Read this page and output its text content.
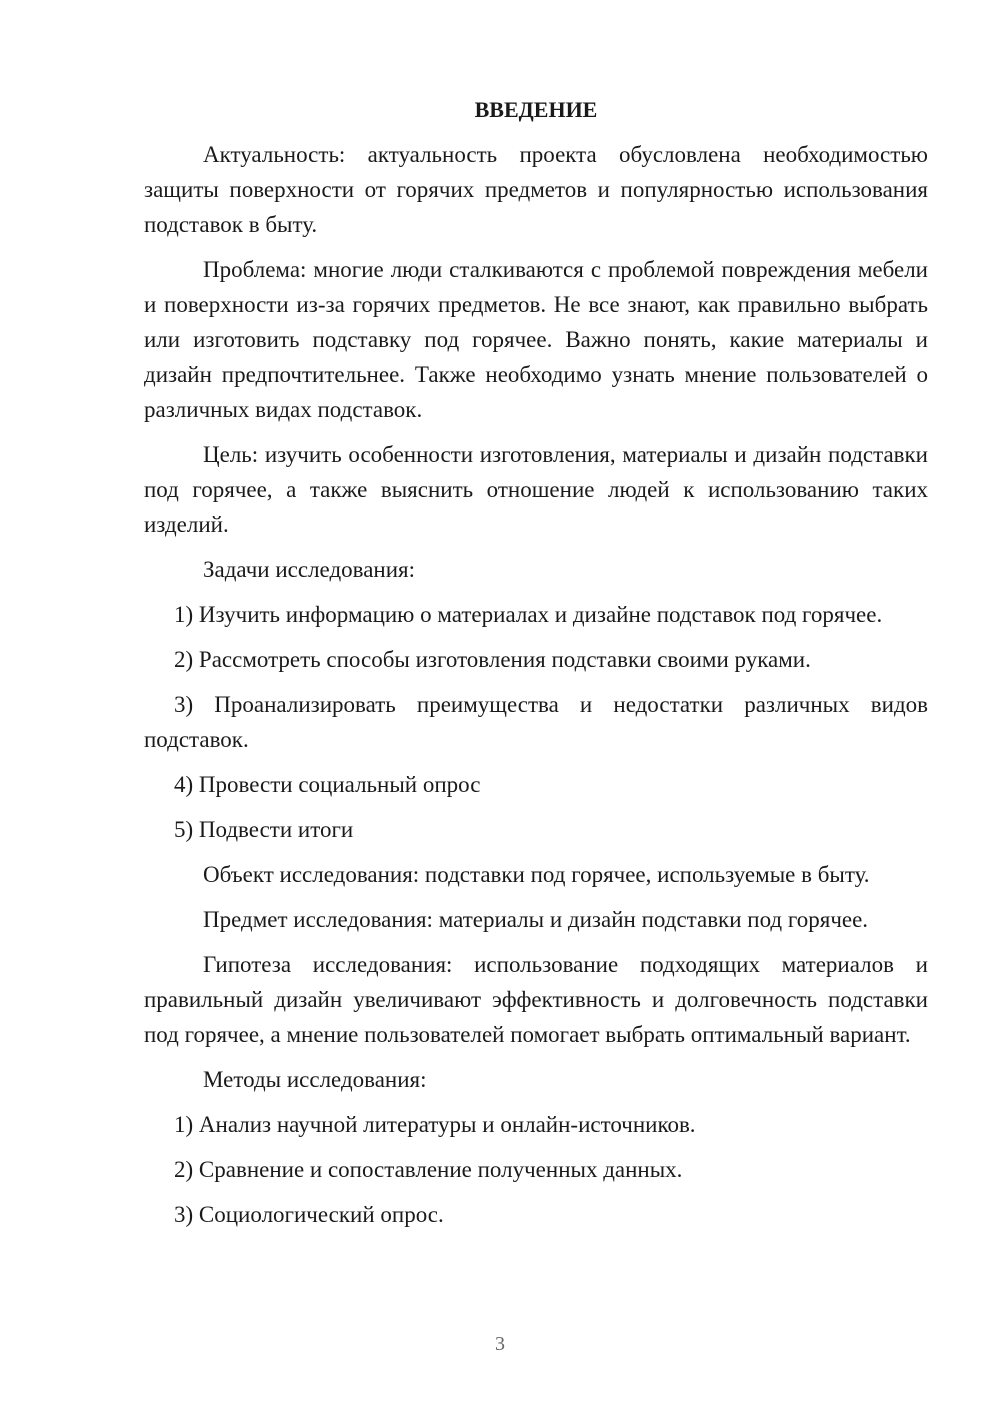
ВВЕДЕНИЕ

Актуальность: актуальность проекта обусловлена необходимостью защиты поверхности от горячих предметов и популярностью использования подставок в быту.

Проблема: многие люди сталкиваются с проблемой повреждения мебели и поверхности из-за горячих предметов. Не все знают, как правильно выбрать или изготовить подставку под горячее. Важно понять, какие материалы и дизайн предпочтительнее. Также необходимо узнать мнение пользователей о различных видах подставок.

Цель: изучить особенности изготовления, материалы и дизайн подставки под горячее, а также выяснить отношение людей к использованию таких изделий.

Задачи исследования:

1) Изучить информацию о материалах и дизайне подставок под горячее.

2) Рассмотреть способы изготовления подставки своими руками.

3) Проанализировать преимущества и недостатки различных видов подставок.

4) Провести социальный опрос

5) Подвести итоги

Объект исследования: подставки под горячее, используемые в быту.

Предмет исследования: материалы и дизайн подставки под горячее.

Гипотеза исследования: использование подходящих материалов и правильный дизайн увеличивают эффективность и долговечность подставки под горячее, а мнение пользователей помогает выбрать оптимальный вариант.

Методы исследования:

1) Анализ научной литературы и онлайн-источников.

2) Сравнение и сопоставление полученных данных.

3) Социологический опрос.

3
